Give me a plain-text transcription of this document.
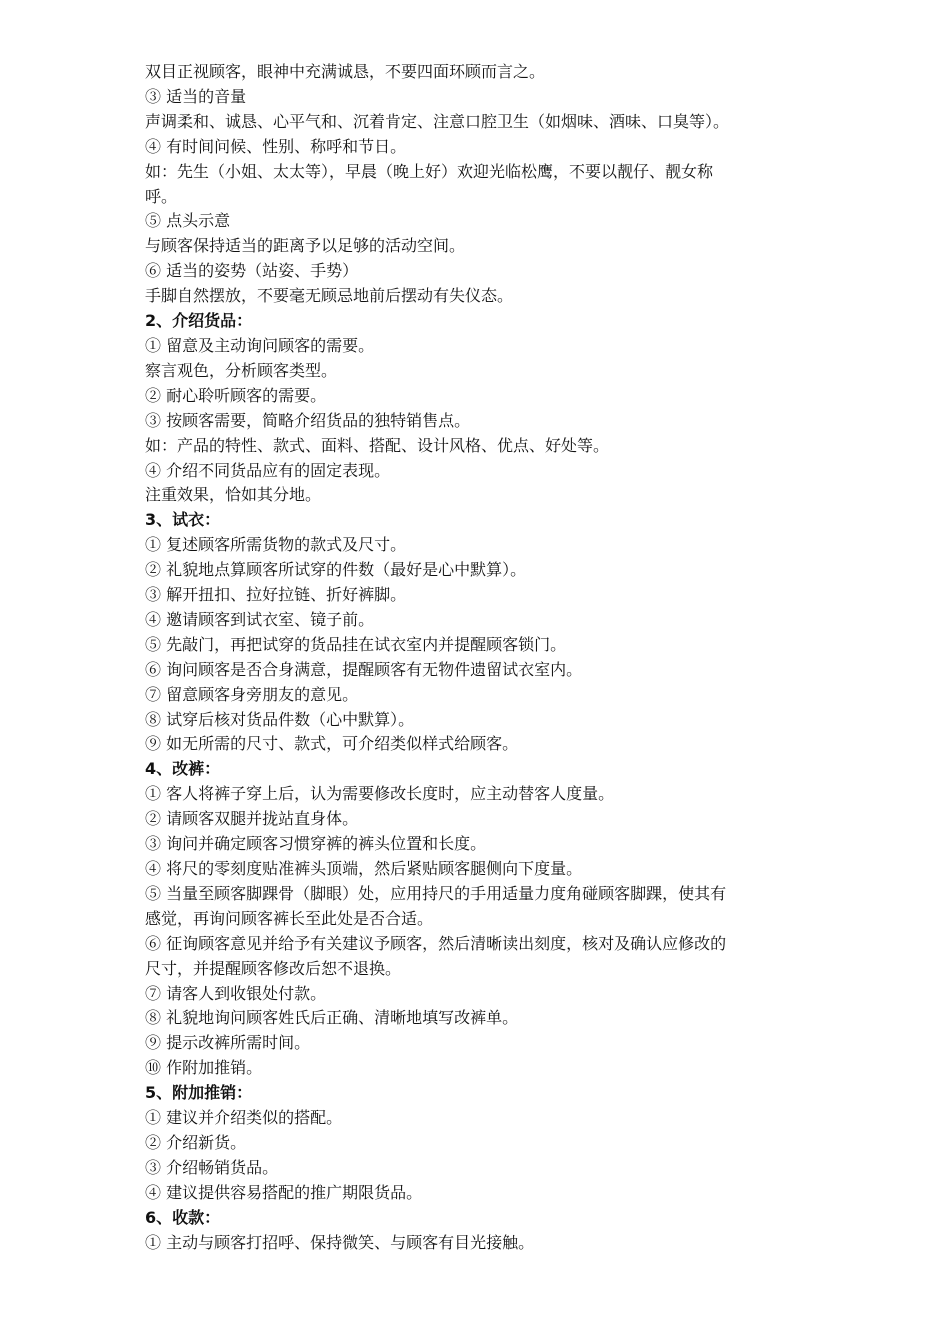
双目正视顾客，眼神中充满诚恳，不要四面环顾而言之。
③ 适当的音量
声调柔和、诚恳、心平气和、沉着肯定、注意口腔卫生（如烟味、酒味、口臭等）。
④ 有时间问候、性别、称呼和节日。
如：先生（小姐、太太等），早晨（晚上好）欢迎光临松鹰，不要以靓仔、靓女称
呼。
⑤ 点头示意
与顾客保持适当的距离予以足够的活动空间。
⑥ 适当的姿势（站姿、手势）
手脚自然摆放，不要毫无顾忌地前后摆动有失仪态。
2、介绍货品：
① 留意及主动询问顾客的需要。
察言观色，分析顾客类型。
② 耐心聆听顾客的需要。
③ 按顾客需要，简略介绍货品的独特销售点。
如：产品的特性、款式、面料、搭配、设计风格、优点、好处等。
④ 介绍不同货品应有的固定表现。
注重效果，恰如其分地。
3、试衣：
① 复述顾客所需货物的款式及尺寸。
② 礼貌地点算顾客所试穿的件数（最好是心中默算）。
③ 解开扭扣、拉好拉链、折好裤脚。
④ 邀请顾客到试衣室、镜子前。
⑤ 先敲门，再把试穿的货品挂在试衣室内并提醒顾客锁门。
⑥ 询问顾客是否合身满意，提醒顾客有无物件遗留试衣室内。
⑦ 留意顾客身旁朋友的意见。
⑧ 试穿后核对货品件数（心中默算）。
⑨ 如无所需的尺寸、款式，可介绍类似样式给顾客。
4、改裤：
① 客人将裤子穿上后，认为需要修改长度时，应主动替客人度量。
② 请顾客双腿并拢站直身体。
③ 询问并确定顾客习惯穿裤的裤头位置和长度。
④ 将尺的零刻度贴准裤头顶端，然后紧贴顾客腿侧向下度量。
⑤ 当量至顾客脚踝骨（脚眼）处，应用持尺的手用适量力度角碰顾客脚踝，使其有
感觉，再询问顾客裤长至此处是否合适。
⑥ 征询顾客意见并给予有关建议予顾客，然后清晰读出刻度，核对及确认应修改的
尺寸，并提醒顾客修改后恕不退换。
⑦ 请客人到收银处付款。
⑧ 礼貌地询问顾客姓氏后正确、清晰地填写改裤单。
⑨ 提示改裤所需时间。
⑩ 作附加推销。
5、附加推销：
① 建议并介绍类似的搭配。
② 介绍新货。
③ 介绍畅销货品。
④ 建议提供容易搭配的推广期限货品。
6、收款：
① 主动与顾客打招呼、保持微笑、与顾客有目光接触。
